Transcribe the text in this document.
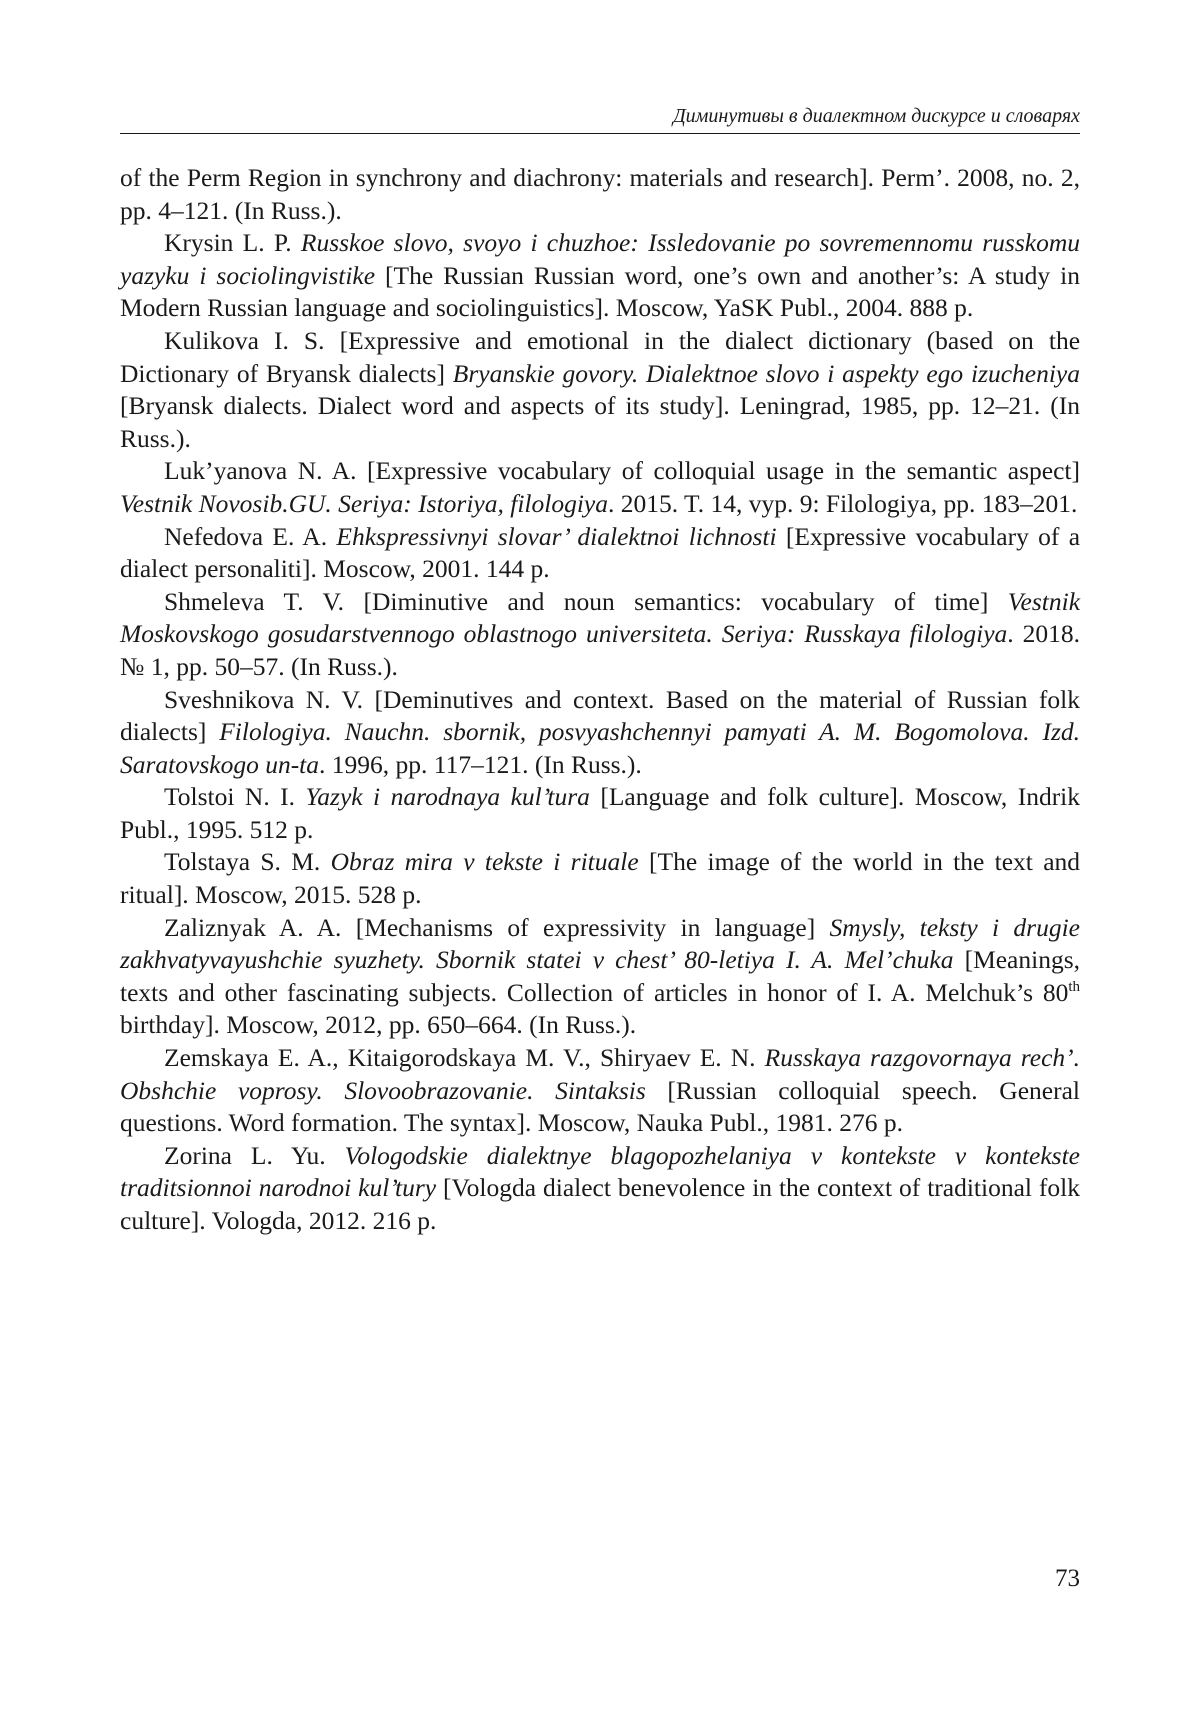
Диминутивы в диалектном дискурсе и словарях

of the Perm Region in synchrony and diachrony: materials and research]. Perm’. 2008, no. 2, pp. 4–121. (In Russ.).

Krysin L. P. Russkoe slovo, svoyo i chuzhoe: Issledovanie po sovremennomu russkomu yazyku i sociolingvistike [The Russian Russian word, one’s own and another’s: A study in Modern Russian language and sociolinguistics]. Moscow, YaSK Publ., 2004. 888 p.

Kulikova I. S. [Expressive and emotional in the dialect dictionary (based on the Dictionary of Bryansk dialects] Bryanskie govory. Dialektnoe slovo i aspekty ego izucheniya [Bryansk dialects. Dialect word and aspects of its study]. Leningrad, 1985, pp. 12–21. (In Russ.).

Luk’yanova N. A. [Expressive vocabulary of colloquial usage in the semantic aspect] Vestnik Novosib.GU. Seriya: Istoriya, filologiya. 2015. T. 14, vyp. 9: Filologiya, pp. 183–201.

Nefedova E. A. Ehkspressivnyi slovar’ dialektnoi lichnosti [Expressive vocabulary of a dialect personaliti]. Moscow, 2001. 144 p.

Shmeleva T. V. [Diminutive and noun semantics: vocabulary of time] Vestnik Moskovskogo gosudarstvennogo oblastnogo universiteta. Seriya: Russkaya filologiya. 2018. № 1, pp. 50–57. (In Russ.).

Sveshnikova N. V. [Deminutives and context. Based on the material of Russian folk dialects] Filologiya. Nauchn. sbornik, posvyashchennyi pamyati A. M. Bogomolova. Izd. Saratovskogo un-ta. 1996, pp. 117–121. (In Russ.).

Tolstoi N. I. Yazyk i narodnaya kul’tura [Language and folk culture]. Moscow, Indrik Publ., 1995. 512 p.

Tolstaya S. M. Obraz mira v tekste i rituale [The image of the world in the text and ritual]. Moscow, 2015. 528 p.

Zaliznyak A. A. [Mechanisms of expressivity in language] Smysly, teksty i drugie zakhvatyvayushchie syuzhety. Sbornik statei v chest’ 80-letiya I. A. Mel’chuka [Meanings, texts and other fascinating subjects. Collection of articles in honor of I. A. Melchuk’s 80th birthday]. Moscow, 2012, pp. 650–664. (In Russ.).

Zemskaya E. A., Kitaigorodskaya M. V., Shiryaev E. N. Russkaya razgovornaya rech’. Obshchie voprosy. Slovoobrazovanie. Sintaksis [Russian colloquial speech. General questions. Word formation. The syntax]. Moscow, Nauka Publ., 1981. 276 p.

Zorina L. Yu. Vologodskie dialektnye blagopozhelaniya v kontekste v kontekste traditsionnoi narodnoi kul’tury [Vologda dialect benevolence in the context of traditional folk culture]. Vologda, 2012. 216 p.

73
